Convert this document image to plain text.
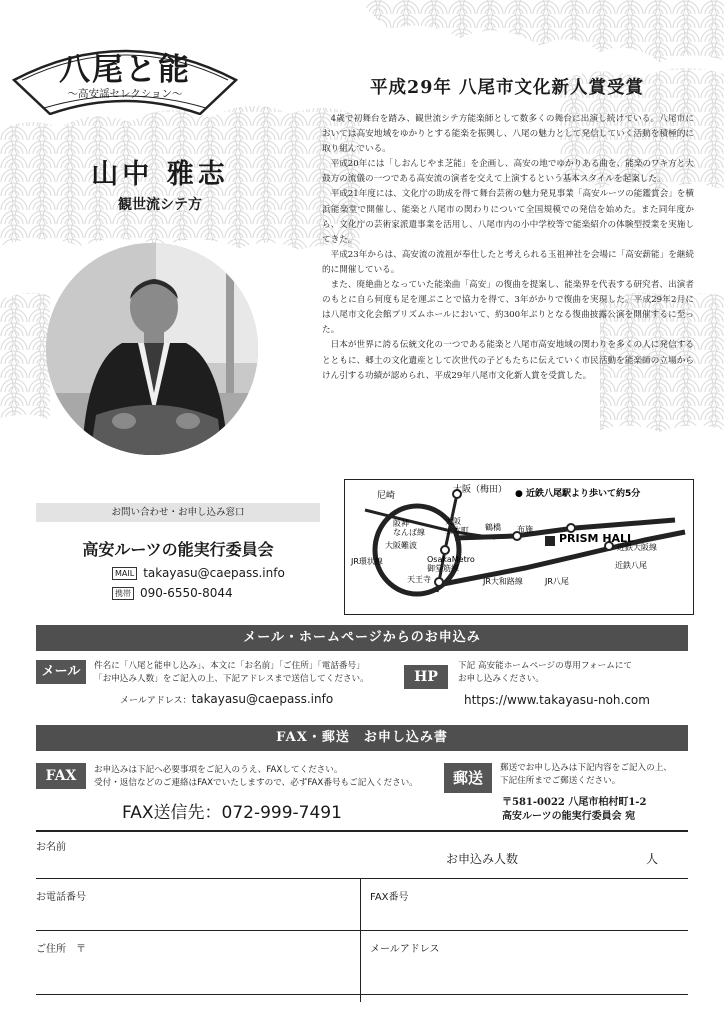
八尾と能
〜高安謡セレクション〜
山中 雅志
観世流シテ方
平成29年 八尾市文化新人賞受賞

4歳で初舞台を踏み、観世流シテ方能楽師として数多くの舞台に出演し続けている。八尾市においては高安地域をゆかりとする能楽を振興し、八尾の魅力として発信していく活動を積極的に取り組んでいる。

平成20年には「しおんじやま芝能」を企画し、高安の地でゆかりある曲を、能楽のワキ方と大鼓方の流儀の一つである高安流の演者を交えて上演するという基本スタイルを起案した。

平成21年度には、文化庁の助成を得て舞台芸術の魅力発見事業「高安ルーツの能鑑賞会」を横浜能楽堂で開催し、能楽と八尾市の関わりについて全国規模での発信を始めた。また同年度から、文化庁の芸術家派遣事業を活用し、八尾市内の小中学校等で能楽紹介の体験型授業を実施してきた。

平成23年からは、高安流の流祖が奉仕したと考えられる玉祖神社を会場に「高安薪能」を継続的に開催している。

また、廃絶曲となっていた能楽曲「高安」の復曲を提案し、能楽界を代表する研究者、出演者のもとに自ら何度も足を運ぶことで協力を得て、3年がかりで復曲を実現した。平成29年2月には八尾市文化会館プリズムホールにおいて、約300年ぶりとなる復曲披露公演を開催するに至った。

日本が世界に誇る伝統文化の一つである能楽と八尾市高安地域の関わりを多くの人に発信するとともに、郷土の文化遺産として次世代の子どもたちに伝えていく市民活動を能楽師の立場からけん引する功績が認められ、平成29年八尾市文化新人賞を受賞した。

お問い合わせ・お申し込み窓口
高安ルーツの能実行委員会
MAIL takayasu@caepass.info
携帯 090-6550-8044
尼崎
大阪（梅田） ● 近鉄八尾駅より歩いて約5分
阪神
なんば線
大阪
上本町 鶴橋 布施
PRISM HALL
大阪難波
OsakaMetro
御堂筋線
JR環状線
天王寺	JR大和路線
近鉄大阪線
近鉄八尾
JR八尾
メール・ホームページからのお申込み
メール	件名に「八尾と能申し込み」、本文に「お名前」「ご住所」「電話番号」
「お申込み人数」をご記入の上、下記アドレスまで送信してください。
メールアドレス：takayasu@caepass.info
HP
下記 高安能ホームページの専用フォームにて
お申し込みください。
https://www.takayasu-noh.com
FAX・郵送　お申し込み書
FAX	お申込みは下記へ必要事項をご記入のうえ、FAXしてください。
受付・返信などのご連絡はFAXでいたしますので、必ずFAX番号もご記入ください。
FAX送信先：072-999-7491
郵送
郵送でお申し込みは下記内容をご記入の上、
下記住所までご郵送ください。
〒581-0022 八尾市柏村町1-2
高安ルーツの能実行委員会 宛
お名前
お申込み人数	人
お電話番号	FAX番号
ご住所　〒	メールアドレス
